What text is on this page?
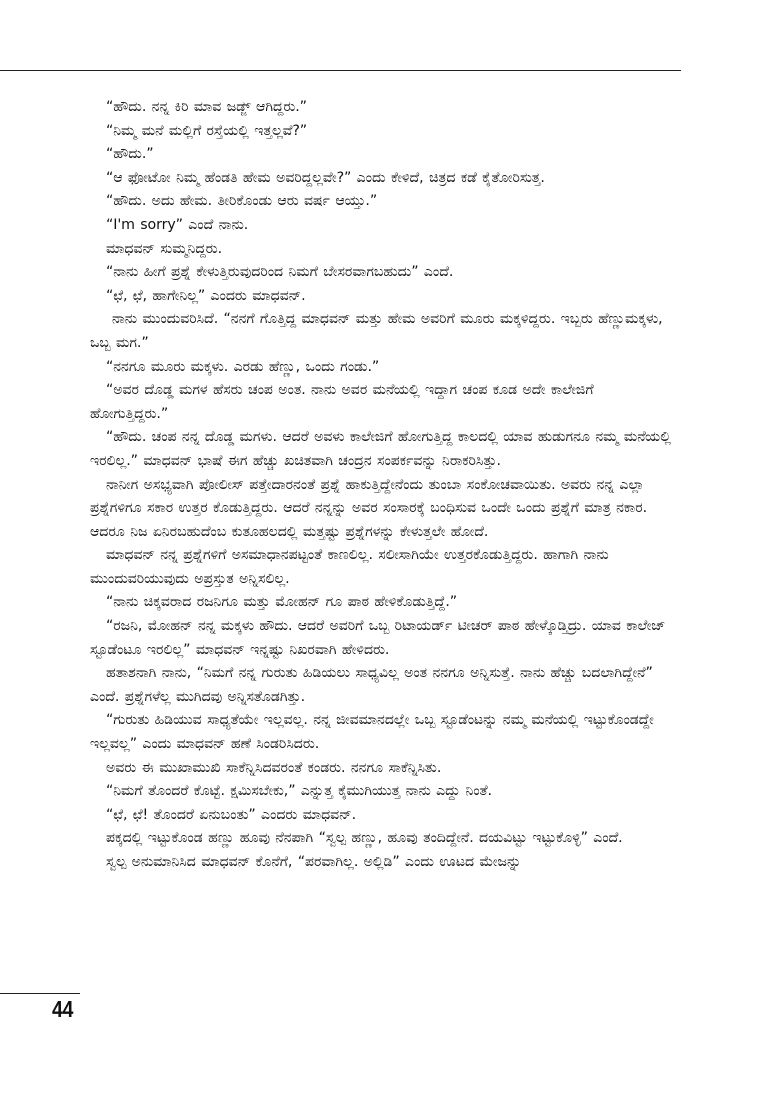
“ಹೌದು. ನನ್ನ ಕಿರಿ ಮಾವ ಜಡ್ಜ್ ಆಗಿದ್ದರು.”

“ನಿಮ್ಮ ಮನೆ ಮಲ್ಲಿಗೆ ರಸ್ತೆಯಲ್ಲಿ ಇತ್ತಲ್ಲವೆ?”

“ಹೌದು.”

“ಆ ಫೋಟೋ ನಿಮ್ಮ ಹೆಂಡತಿ ಹೇಮ ಅವರಿದ್ದಲ್ಲವೇ?” ಎಂದು ಕೇಳಿದೆ, ಚಿತ್ರದ ಕಡೆ ಕೈತೋರಿಸುತ್ತ.

“ಹೌದು. ಅದು ಹೇಮ. ತೀರಿಕೊಂಡು ಆರು ವರ್ಷ ಆಯ್ತು.”

“I'm sorry” ಎಂದೆ ನಾನು.

ಮಾಧವನ್ ಸುಮ್ಮನಿದ್ದರು.

“ನಾನು ಹೀಗೆ ಪ್ರಶ್ನೆ ಕೇಳುತ್ತಿರುವುದರಿಂದ ನಿಮಗೆ ಬೇಸರವಾಗಬಹುದು” ಎಂದೆ.

“ಛೆ, ಛೆ, ಹಾಗೇನಿಲ್ಲ” ಎಂದರು ಮಾಧವನ್.

ನಾನು ಮುಂದುವರಿಸಿದೆ. “ನನಗೆ ಗೊತ್ತಿದ್ದ ಮಾಧವನ್ ಮತ್ತು ಹೇಮ ಅವರಿಗೆ ಮೂರು ಮಕ್ಕಳಿದ್ದರು. ಇಬ್ಬರು ಹೆಣ್ಣುಮಕ್ಕಳು, ಒಬ್ಬ ಮಗ.”

“ನನಗೂ ಮೂರು ಮಕ್ಕಳು. ಎರಡು ಹೆಣ್ಣು, ಒಂದು ಗಂಡು.”

“ಅವರ ದೊಡ್ಡ ಮಗಳ ಹೆಸರು ಚಂಪ ಅಂತ. ನಾನು ಅವರ ಮನೆಯಲ್ಲಿ ಇದ್ದಾಗ ಚಂಪ ಕೂಡ ಅದೇ ಕಾಲೇಜಿಗೆ ಹೋಗುತ್ತಿದ್ದರು.”

“ಹೌದು. ಚಂಪ ನನ್ನ ದೊಡ್ಡ ಮಗಳು. ಆದರೆ ಅವಳು ಕಾಲೇಜಿಗೆ ಹೋಗುತ್ತಿದ್ದ ಕಾಲದಲ್ಲಿ ಯಾವ ಹುಡುಗನೂ ನಮ್ಮ ಮನೆಯಲ್ಲಿ ಇರಲಿಲ್ಲ.” ಮಾಧವನ್ ಭಾಷೆ ಈಗ ಹೆಚ್ಚು ಖಚಿತವಾಗಿ ಚಂದ್ರನ ಸಂಪರ್ಕವನ್ನು ನಿರಾಕರಿಸಿತ್ತು.

ನಾನೀಗ ಅಸಭ್ಯವಾಗಿ ಪೋಲೀಸ್ ಪತ್ತೇದಾರನಂತೆ ಪ್ರಶ್ನೆ ಹಾಕುತ್ತಿದ್ದೇನೆಂದು ತುಂಬಾ ಸಂಕೋಚವಾಯಿತು. ಅವರು ನನ್ನ ಎಲ್ಲಾ ಪ್ರಶ್ನೆಗಳಿಗೂ ಸಕಾರ ಉತ್ತರ ಕೊಡುತ್ತಿದ್ದರು. ಆದರೆ ನನ್ನನ್ನು ಅವರ ಸಂಸಾರಕ್ಕೆ ಬಂಧಿಸುವ ಒಂದೇ ಒಂದು ಪ್ರಶ್ನೆಗೆ ಮಾತ್ರ ನಕಾರ. ಆದರೂ ನಿಜ ಏನಿರಬಹುದೆಂಬ ಕುತೂಹಲದಲ್ಲಿ ಮತ್ತಷ್ಟು ಪ್ರಶ್ನೆಗಳನ್ನು ಕೇಳುತ್ತಲೇ ಹೋದೆ.

ಮಾಧವನ್ ನನ್ನ ಪ್ರಶ್ನೆಗಳಿಗೆ ಅಸಮಾಧಾನಪಟ್ಟಂತೆ ಕಾಣಲಿಲ್ಲ. ಸಲೀಸಾಗಿಯೇ ಉತ್ತರಕೊಡುತ್ತಿದ್ದರು. ಹಾಗಾಗಿ ನಾನು ಮುಂದುವರಿಯುವುದು ಅಪ್ರಸ್ತುತ ಅನ್ನಿಸಲಿಲ್ಲ.

“ನಾನು ಚಿಕ್ಕವರಾದ ರಜನಿಗೂ ಮತ್ತು ಮೋಹನ್ ಗೂ ಪಾಠ ಹೇಳಿಕೊಡುತ್ತಿದ್ದೆ.”

“ರಜನಿ, ಮೋಹನ್ ನನ್ನ ಮಕ್ಕಳು ಹೌದು. ಆದರೆ ಅವರಿಗೆ ಒಬ್ಬ ರಿಟಾಯರ್ಡ್ ಟೀಚರ್ ಪಾಠ ಹೇಳ್ಕೊಡ್ತಿದ್ರು. ಯಾವ ಕಾಲೇಜ್ ಸ್ಟೂಡೆಂಟೂ ಇರಲಿಲ್ಲ” ಮಾಧವನ್ ಇನ್ನಷ್ಟು ನಿಖರವಾಗಿ ಹೇಳಿದರು.

ಹತಾಶನಾಗಿ ನಾನು, “ನಿಮಗೆ ನನ್ನ ಗುರುತು ಹಿಡಿಯಲು ಸಾಧ್ಯವಿಲ್ಲ ಅಂತ ನನಗೂ ಅನ್ನಿಸುತ್ತೆ. ನಾನು ಹೆಚ್ಚು ಬದಲಾಗಿದ್ದೇನೆ” ಎಂದೆ. ಪ್ರಶ್ನೆಗಳೆಲ್ಲ ಮುಗಿದವು ಅನ್ನಿಸತೊಡಗಿತ್ತು.

“ಗುರುತು ಹಿಡಿಯುವ ಸಾಧ್ಯತೆಯೇ ಇಲ್ಲವಲ್ಲ. ನನ್ನ ಜೀವಮಾನದಲ್ಲೇ ಒಬ್ಬ ಸ್ಟೂಡೆಂಟನ್ನು ನಮ್ಮ ಮನೆಯಲ್ಲಿ ಇಟ್ಟುಕೊಂಡದ್ದೇ ಇಲ್ಲವಲ್ಲ” ಎಂದು ಮಾಧವನ್ ಹಣೆ ಸಿಂಡರಿಸಿದರು.

ಅವರು ಈ ಮುಖಾಮುಖಿ ಸಾಕೆನ್ನಿಸಿದವರಂತೆ ಕಂಡರು. ನನಗೂ ಸಾಕೆನ್ನಿಸಿತು.

“ನಿಮಗೆ ತೊಂದರೆ ಕೊಟ್ಟೆ. ಕ್ಷಮಿಸಬೇಕು,” ಎನ್ನುತ್ತ ಕೈಮುಗಿಯುತ್ತ ನಾನು ಎದ್ದು ನಿಂತೆ.

“ಛೆ, ಛೆ! ತೊಂದರೆ ಏನುಬಂತು” ಎಂದರು ಮಾಧವನ್.

ಪಕ್ಕದಲ್ಲಿ ಇಟ್ಟುಕೊಂಡ ಹಣ್ಣು ಹೂವು ನೆನಪಾಗಿ “ಸ್ವಲ್ಪ ಹಣ್ಣು, ಹೂವು ತಂದಿದ್ದೇನೆ. ದಯವಿಟ್ಟು ಇಟ್ಟುಕೊಳ್ಳಿ” ಎಂದೆ.

ಸ್ವಲ್ಪ ಅನುಮಾನಿಸಿದ ಮಾಧವನ್ ಕೊನೆಗೆ, “ಪರವಾಗಿಲ್ಲ. ಅಲ್ಲಿಡಿ” ಎಂದು ಊಟದ ಮೇಜನ್ನು

44
